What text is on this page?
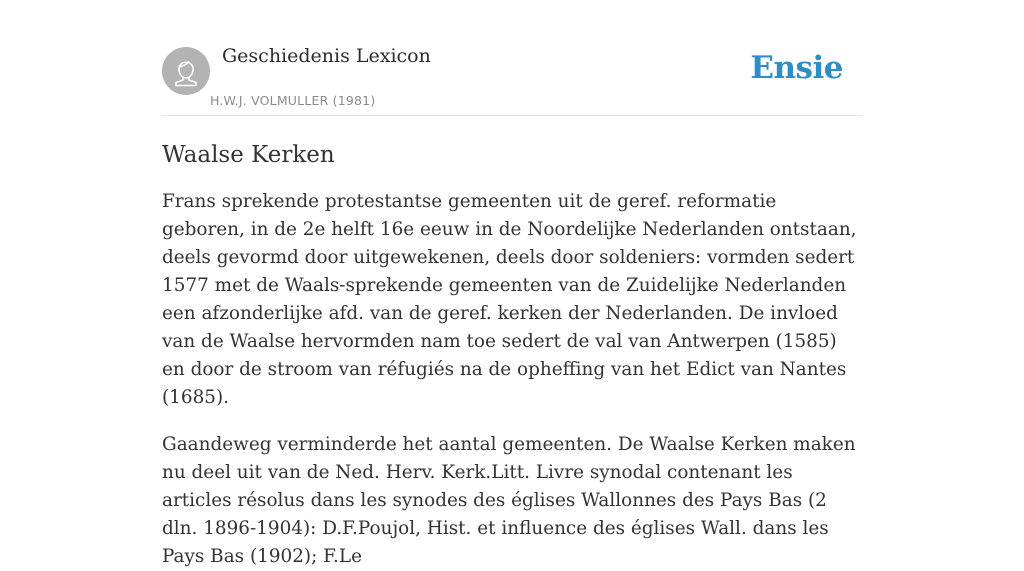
Geschiedenis Lexicon
H.W.J. VOLMULLER (1981)
Ensie
Waalse Kerken

Frans sprekende protestantse gemeenten uit de geref. reformatie geboren, in de 2e helft 16e eeuw in de Noordelijke Nederlanden ontstaan, deels gevormd door uitgewekenen, deels door soldeniers: vormden sedert 1577 met de Waals-sprekende gemeenten van de Zuidelijke Nederlanden een afzonderlijke afd. van de geref. kerken der Nederlanden. De invloed van de Waalse hervormden nam toe sedert de val van Antwerpen (1585) en door de stroom van réfugiés na de opheffing van het Edict van Nantes (1685).

Gaandeweg verminderde het aantal gemeenten. De Waalse Kerken maken nu deel uit van de Ned. Herv. Kerk.Litt. Livre synodal contenant les articles résolus dans les synodes des églises Wallonnes des Pays Bas (2 dln. 1896-1904): D.F.Poujol, Hist. et influence des églises Wall. dans les Pays Bas (1902); F.Le
